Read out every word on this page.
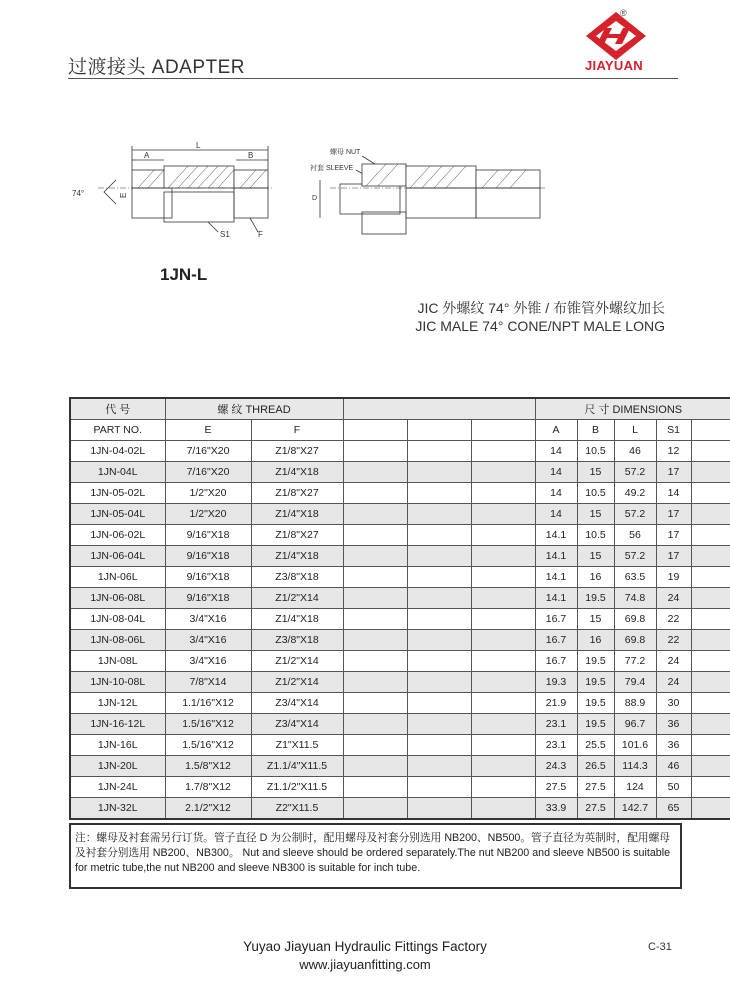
过渡接头 ADAPTER
®
JIAYUAN
L
A	B
74°	E
S1	F
螺母 NUT
衬套 SLEEVE
D
1JN-L
JIC 外螺纹 74° 外锥 / 布锥管外螺纹加长
JIC MALE 74° CONE/NPT MALE LONG
代 号	螺 纹 THREAD					尺 寸 DIMENSIONS				
PART NO.	E	F				A	B	L	S1	
1JN-04-02L	7/16"X20	Z1/8"X27				14	10.5	46	12	
1JN-04L	7/16"X20	Z1/4"X18				14	15	57.2	17	
1JN-05-02L	1/2"X20	Z1/8"X27				14	10.5	49.2	14	
1JN-05-04L	1/2"X20	Z1/4"X18				14	15	57.2	17	
1JN-06-02L	9/16"X18	Z1/8"X27				14.1	10.5	56	17	
1JN-06-04L	9/16"X18	Z1/4"X18				14.1	15	57.2	17	
1JN-06L	9/16"X18	Z3/8"X18				14.1	16	63.5	19	
1JN-06-08L	9/16"X18	Z1/2"X14				14.1	19.5	74.8	24	
1JN-08-04L	3/4"X16	Z1/4"X18				16.7	15	69.8	22	
1JN-08-06L	3/4"X16	Z3/8"X18				16.7	16	69.8	22	
1JN-08L	3/4"X16	Z1/2"X14				16.7	19.5	77.2	24	
1JN-10-08L	7/8"X14	Z1/2"X14				19.3	19.5	79.4	24	
1JN-12L	1.1/16"X12	Z3/4"X14				21.9	19.5	88.9	30	
1JN-16-12L	1.5/16"X12	Z3/4"X14				23.1	19.5	96.7	36	
1JN-16L	1.5/16"X12	Z1"X11.5				23.1	25.5	101.6	36	
1JN-20L	1.5/8"X12	Z1.1/4"X11.5				24.3	26.5	114.3	46	
1JN-24L	1.7/8"X12	Z1.1/2"X11.5				27.5	27.5	124	50	
1JN-32L	2.1/2"X12	Z2"X11.5				33.9	27.5	142.7	65	
注：螺母及衬套需另行订货。管子直径 D 为公制时，配用螺母及衬套分别选用 NB200、NB500。管子直径为英制时，配用螺母及衬套分别选用 NB200、NB300。 Nut and sleeve should be ordered separately.The nut NB200 and sleeve NB500 is suitable for metric tube,the nut NB200 and sleeve NB300 is suitable for inch tube.
Yuyao Jiayuan Hydraulic Fittings Factory
www.jiayuanfitting.com
C-31
